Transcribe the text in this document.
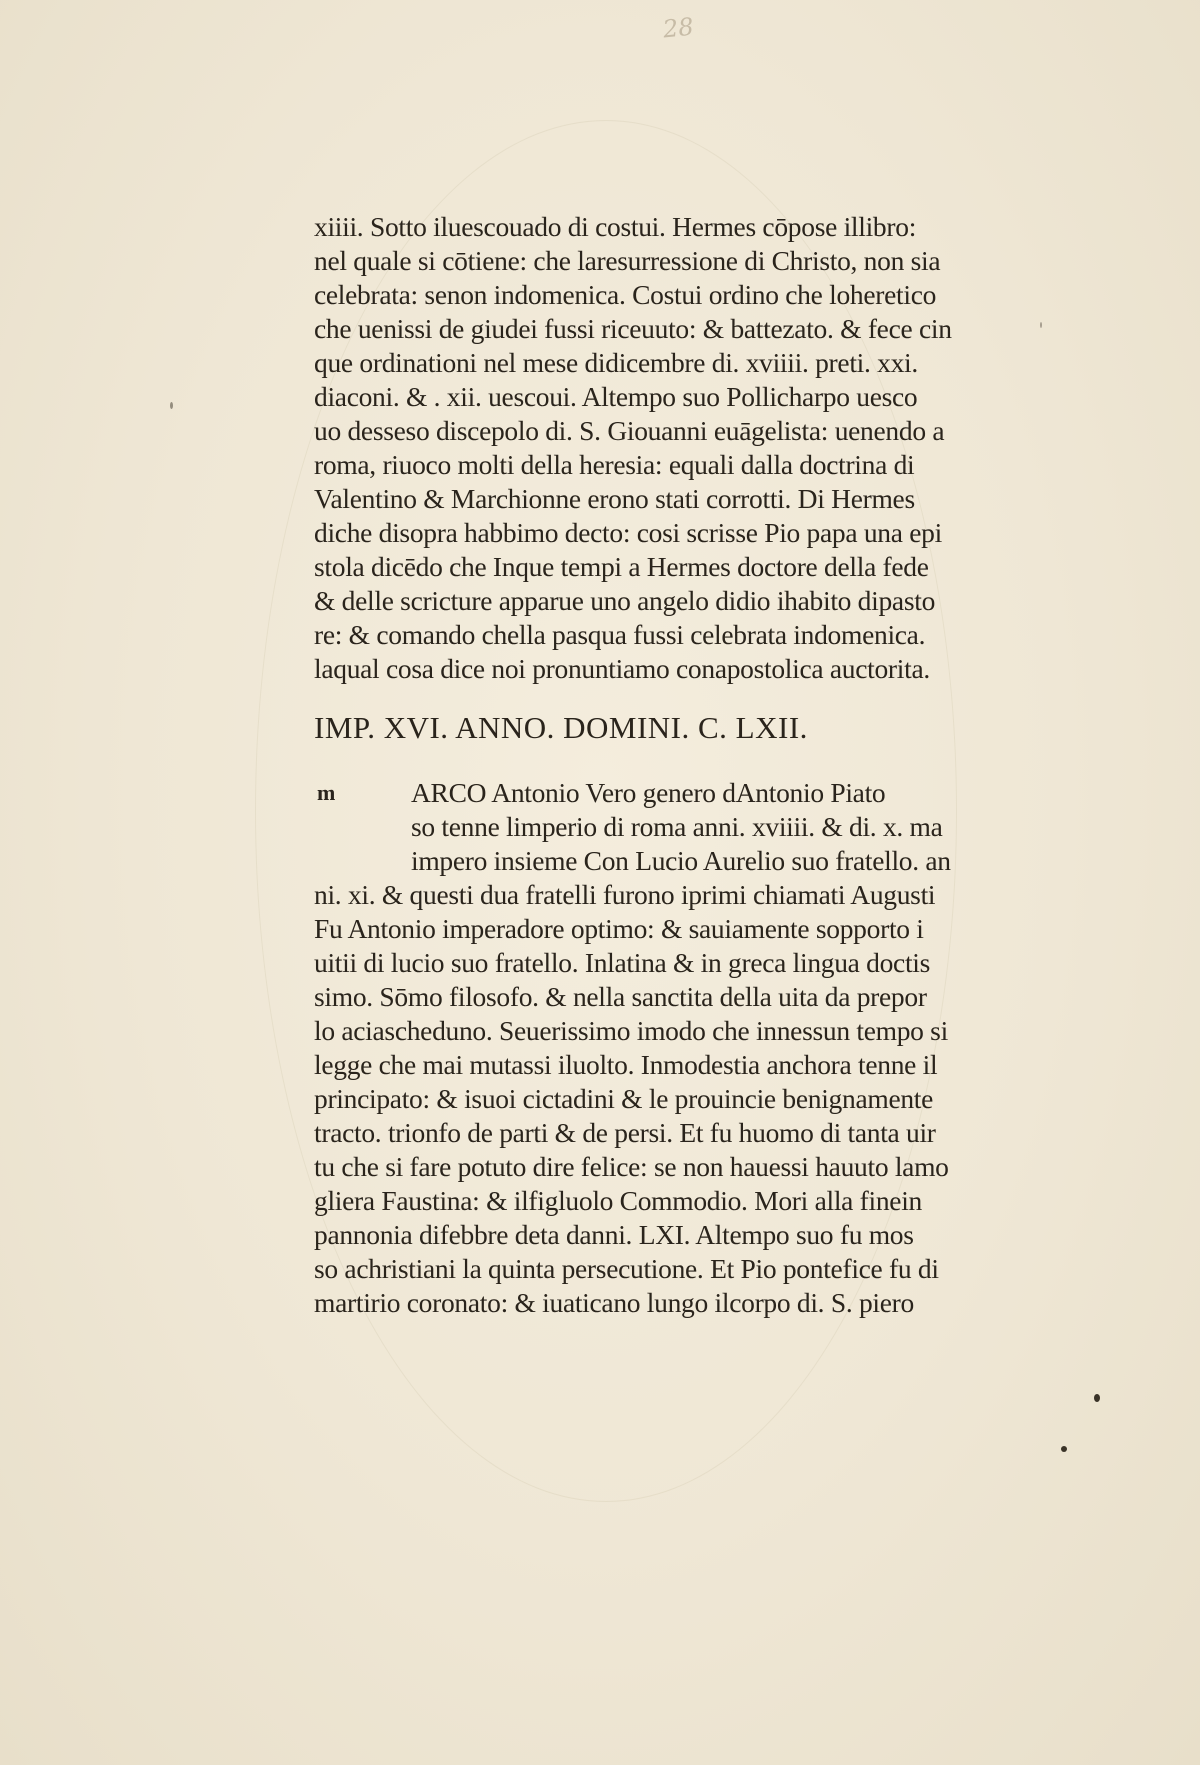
28
xiiii. Sotto iluescouado di costui. Hermes cōpose illibro:
nel quale si cōtiene: che laresurressione di Christo, non sia
celebrata: senon indomenica. Costui ordino che loheretico
che uenissi de giudei fussi riceuuto: & battezato. & fece cin
que ordinationi nel mese didicembre di. xviiii. preti. xxi.
diaconi. & . xii. uescoui. Altempo suo Pollicharpo uesco
uo desseso discepolo di. S. Giouanni euāgelista: uenendo a
roma, riuoco molti della heresia: equali dalla doctrina di
Valentino & Marchionne erono stati corrotti. Di Hermes
diche disopra habbimo decto: cosi scrisse Pio papa una epi
stola dicēdo che Inque tempi a Hermes doctore della fede
& delle scricture apparue uno angelo didio ihabito dipasto
re: & comando chella pasqua fussi celebrata indomenica.
laqual cosa dice noi pronuntiamo conapostolica auctorita.
IMP. XVI. ANNO. DOMINI. C. LXII.
m	ARCO Antonio Vero genero dAntonio Piato
so tenne limperio di roma anni. xviiii. & di. x. ma
impero insieme Con Lucio Aurelio suo fratello. an
ni. xi. & questi dua fratelli furono iprimi chiamati Augusti
Fu Antonio imperadore optimo: & sauiamente sopporto i
uitii di lucio suo fratello. Inlatina & in greca lingua doctis
simo. Sōmo filosofo. & nella sanctita della uita da prepor
lo aciascheduno. Seuerissimo imodo che innessun tempo si
legge che mai mutassi iluolto. Inmodestia anchora tenne il
principato: & isuoi cictadini & le prouincie benignamente
tracto. trionfo de parti & de persi. Et fu huomo di tanta uir
tu che si fare potuto dire felice: se non hauessi hauuto lamo
gliera Faustina: & ilfigluolo Commodio. Mori alla finein
pannonia difebbre deta danni. LXI. Altempo suo fu mos
so achristiani la quinta persecutione. Et Pio pontefice fu di
martirio coronato: & iuaticano lungo ilcorpo di. S. piero
